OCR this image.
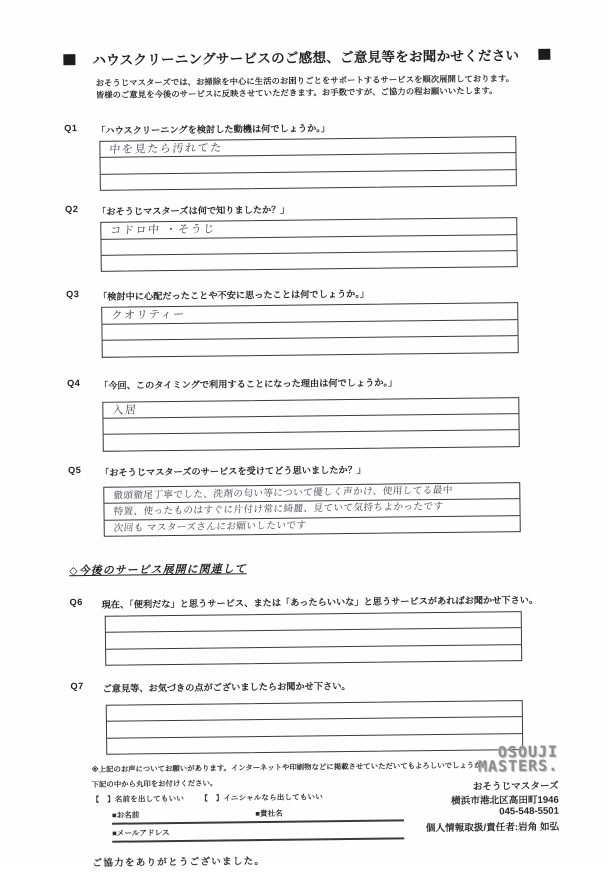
ハウスクリーニングサービスのご感想、ご意見等をお聞かせください
おそうじマスターズでは、お掃除を中心に生活のお困りごとをサポートするサービスを順次展開しております。
皆様のご意見を今後のサービスに反映させていただきます。お手数ですが、ご協力の程お願いいたします。
Q1	「ハウスクリーニングを検討した動機は何でしょうか。」
中を見たら汚れてた
Q2	「おそうじマスターズは何で知りましたか？」
コドロ中 ・そうじ
Q3	「検討中に心配だったことや不安に思ったことは何でしょうか。」
クオリティー
Q4	「今回、このタイミングで利用することになった理由は何でしょうか。」
入居
Q5	「おそうじマスターズのサービスを受けてどう思いましたか？」
徹頭徹尾丁寧でした、洗剤の匂い等について優しく声かけ、使用してる最中
特置、使ったものはすぐに片付け常に綺麗、見ていて気持ちよかったです
次回も マスターズさんにお願いしたいです
◇今後のサービス展開に関連して
Q6	現在、「便利だな」と思うサービス、または「あったらいいな」と思うサービスがあればお聞かせ下さい。
Q7	ご意見等、お気づきの点がございましたらお聞かせ下さい。
※上記のお声についてお願いがあります。インターネットや印刷物などに掲載させていただいてもよろしいでしょうか？
下記の中から丸印をお付けください。
【　】名前を出してもいい 【　】イニシャルなら出してもいい
■お名前	■貴社名
■メールアドレス
ご協力をありがとうございました。
OSOUJI
MASTERS.
おそうじマスターズ
横浜市港北区高田町1946
045-548-5501
個人情報取扱/責任者:岩角 如弘
